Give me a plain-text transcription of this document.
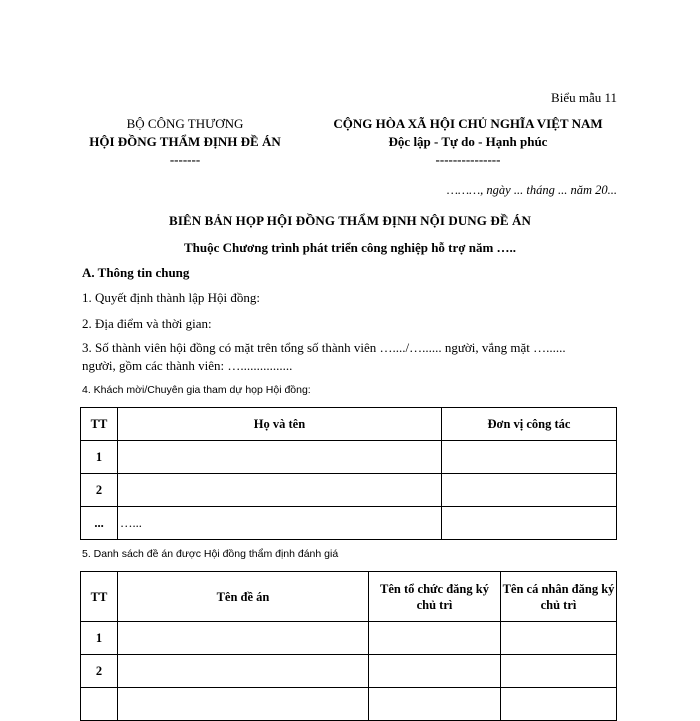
Biểu mẫu 11
BỘ CÔNG THƯƠNG
HỘI ĐỒNG THẨM ĐỊNH ĐỀ ÁN
-------
CỘNG HÒA XÃ HỘI CHỦ NGHĨA VIỆT NAM
Độc lập - Tự do - Hạnh phúc
---------------
………, ngày ... tháng ... năm 20...
BIÊN BẢN HỌP HỘI ĐỒNG THẨM ĐỊNH NỘI DUNG ĐỀ ÁN
Thuộc Chương trình phát triển công nghiệp hỗ trợ năm …..
A. Thông tin chung
1. Quyết định thành lập Hội đồng:
2. Địa điểm và thời gian:
3. Số thành viên hội đồng có mặt trên tổng số thành viên …..../…...... người, vắng mặt …......
người, gồm các thành viên: …................
4. Khách mời/Chuyên gia tham dự họp Hội đồng:
TT	Họ và tên	Đơn vị công tác
1		
2		
...	…...	
5. Danh sách đề án được Hội đồng thẩm định đánh giá
TT	Tên đề án	Tên tổ chức đăng ký chủ trì	Tên cá nhân đăng ký chủ trì
1			
2			
